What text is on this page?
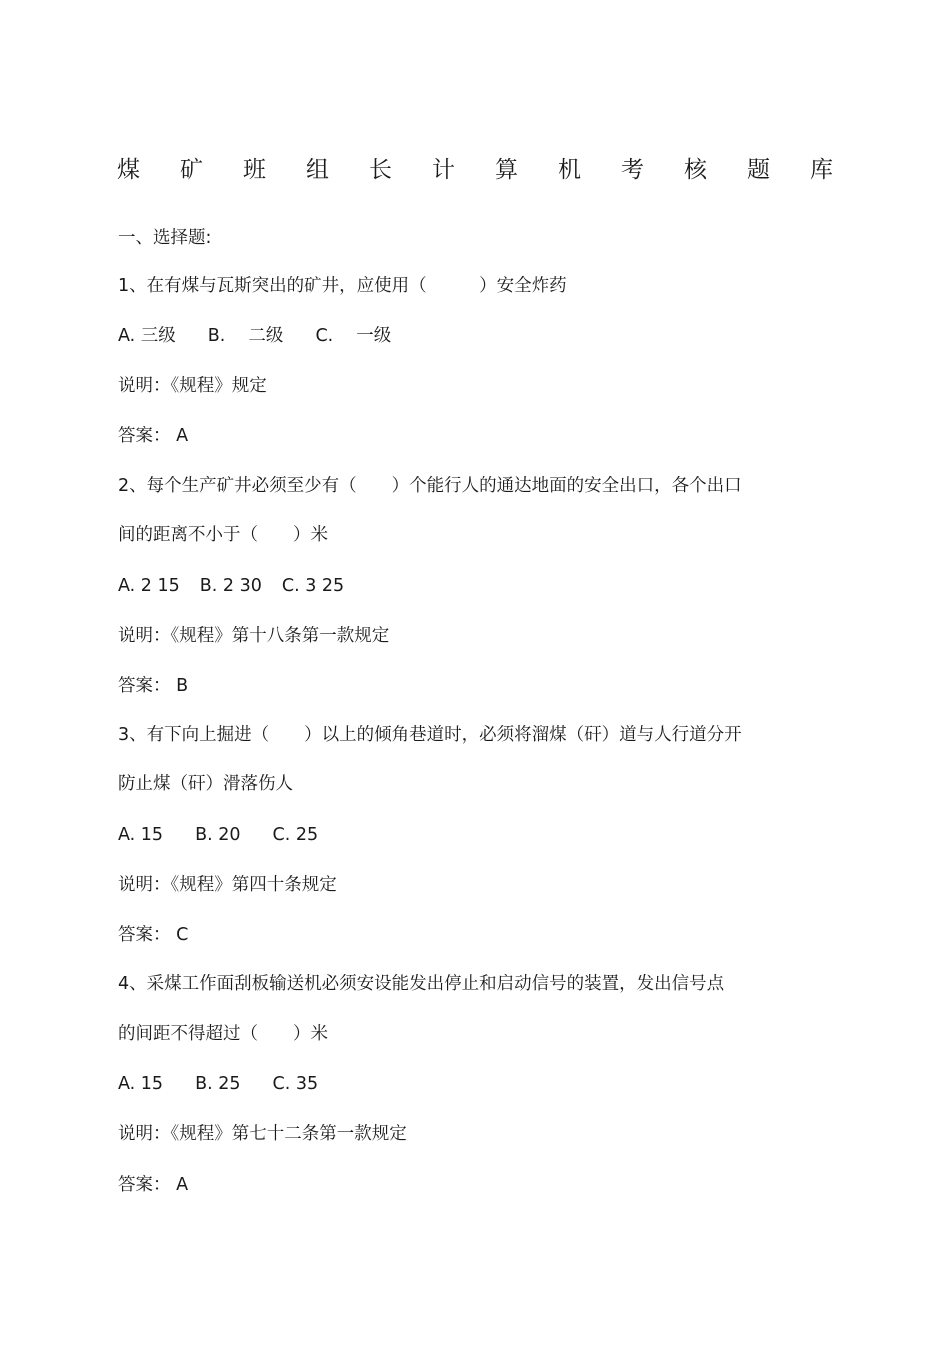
煤 矿 班 组 长 计 算 机 考 核 题 库
一、选择题:
1、在有煤与瓦斯突出的矿井，应使用（　　　）安全炸药
A. 三级 B. 　二级 C. 　一级
说明：《规程》规定
答案： A
2、每个生产矿井必须至少有（　　）个能行人的通达地面的安全出口，各个出口
间的距离不小于（　　）米
A. 2 15 B. 2 30 C. 3 25
说明：《规程》第十八条第一款规定
答案： B
3、有下向上掘进（　　）以上的倾角巷道时，必须将溜煤（矸）道与人行道分开
防止煤（矸）滑落伤人
A. 15 B. 20 C. 25
说明：《规程》第四十条规定
答案： C
4、采煤工作面刮板输送机必须安设能发出停止和启动信号的装置，发出信号点
的间距不得超过（　　）米
A. 15 B. 25 C. 35
说明：《规程》第七十二条第一款规定
答案： A
